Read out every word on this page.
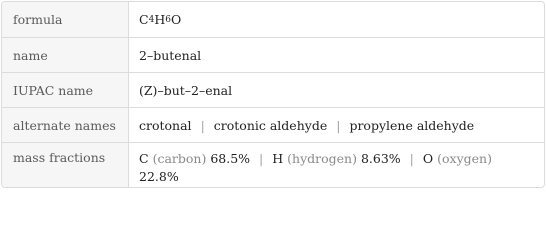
formula	C 4 H 6 O
name	2–butenal
IUPAC name	(Z)–but–2–enal
alternate names	crotonal | crotonic aldehyde | propylene aldehyde
mass fractions	C (carbon) 68.5% | H (hydrogen) 8.63% | O (oxygen) 22.8%
